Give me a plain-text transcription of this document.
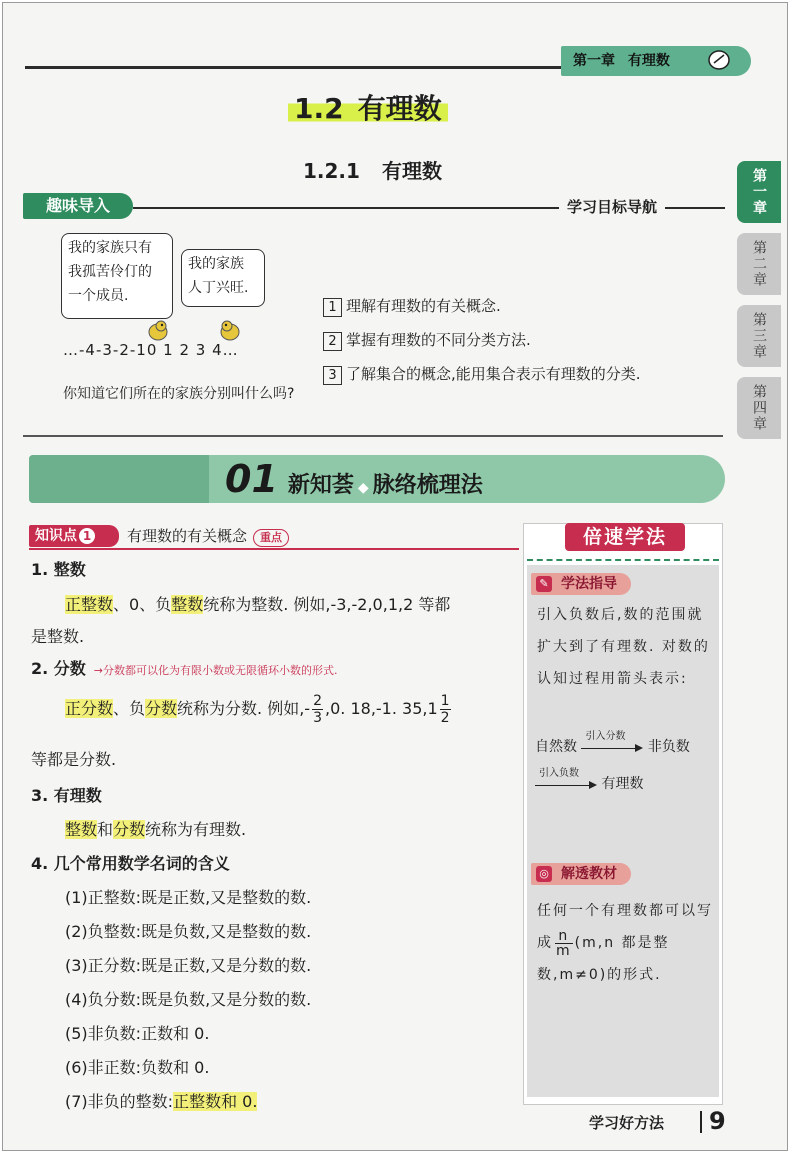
第一章 有理数
1.2 有理数
1.2.1 有理数	第一章
第二章
第三章
第四章
趣味导入	学习目标导航
我的家族只有
我孤苦伶仃的
一个成员.
我的家族
人丁兴旺.
…-4-3-2-10 1 2 3 4…
你知道它们所在的家族分别叫什么吗?
1 理解有理数的有关概念.
2 掌握有理数的不同分类方法.
3 了解集合的概念,能用集合表示有理数的分类.
01 新知荟 ◆ 脉络梳理法
知识点 1	有理数的有关概念 重点
1. 整数
正整数、0、负整数统称为整数. 例如,-3,-2,0,1,2 等都
是整数.
2. 分数 →分数都可以化为有限小数或无限循环小数的形式.
正分数、负分数统称为分数. 例如,- $\frac{2}{3} ,0$. 18,-1. $35,1 \frac{1}{2}$
等都是分数.
3. 有理数
整数和分数统称为有理数.
4. 几个常用数学名词的含义
(1)正整数:既是正数,又是整数的数.
(2)负整数:既是负数,又是整数的数.
(3)正分数:既是正数,又是分数的数.
(4)负分数:既是负数,又是分数的数.
(5)非负数:正数和 0.
(6)非正数:负数和 0.
(7)非负的整数:正整数和 0.
倍速学法
学法指导
✎
引入负数后,数的范围就扩大到了有理数. 对数的认知过程用箭头表示:
自然数
引入分数
非负数
引入负数
有理数
解透教材
◎
任何一个有理数都可以写成 $\frac{n}{m} (m,n$ 都是整数,m≠0)的形式.
学习好方法 9
